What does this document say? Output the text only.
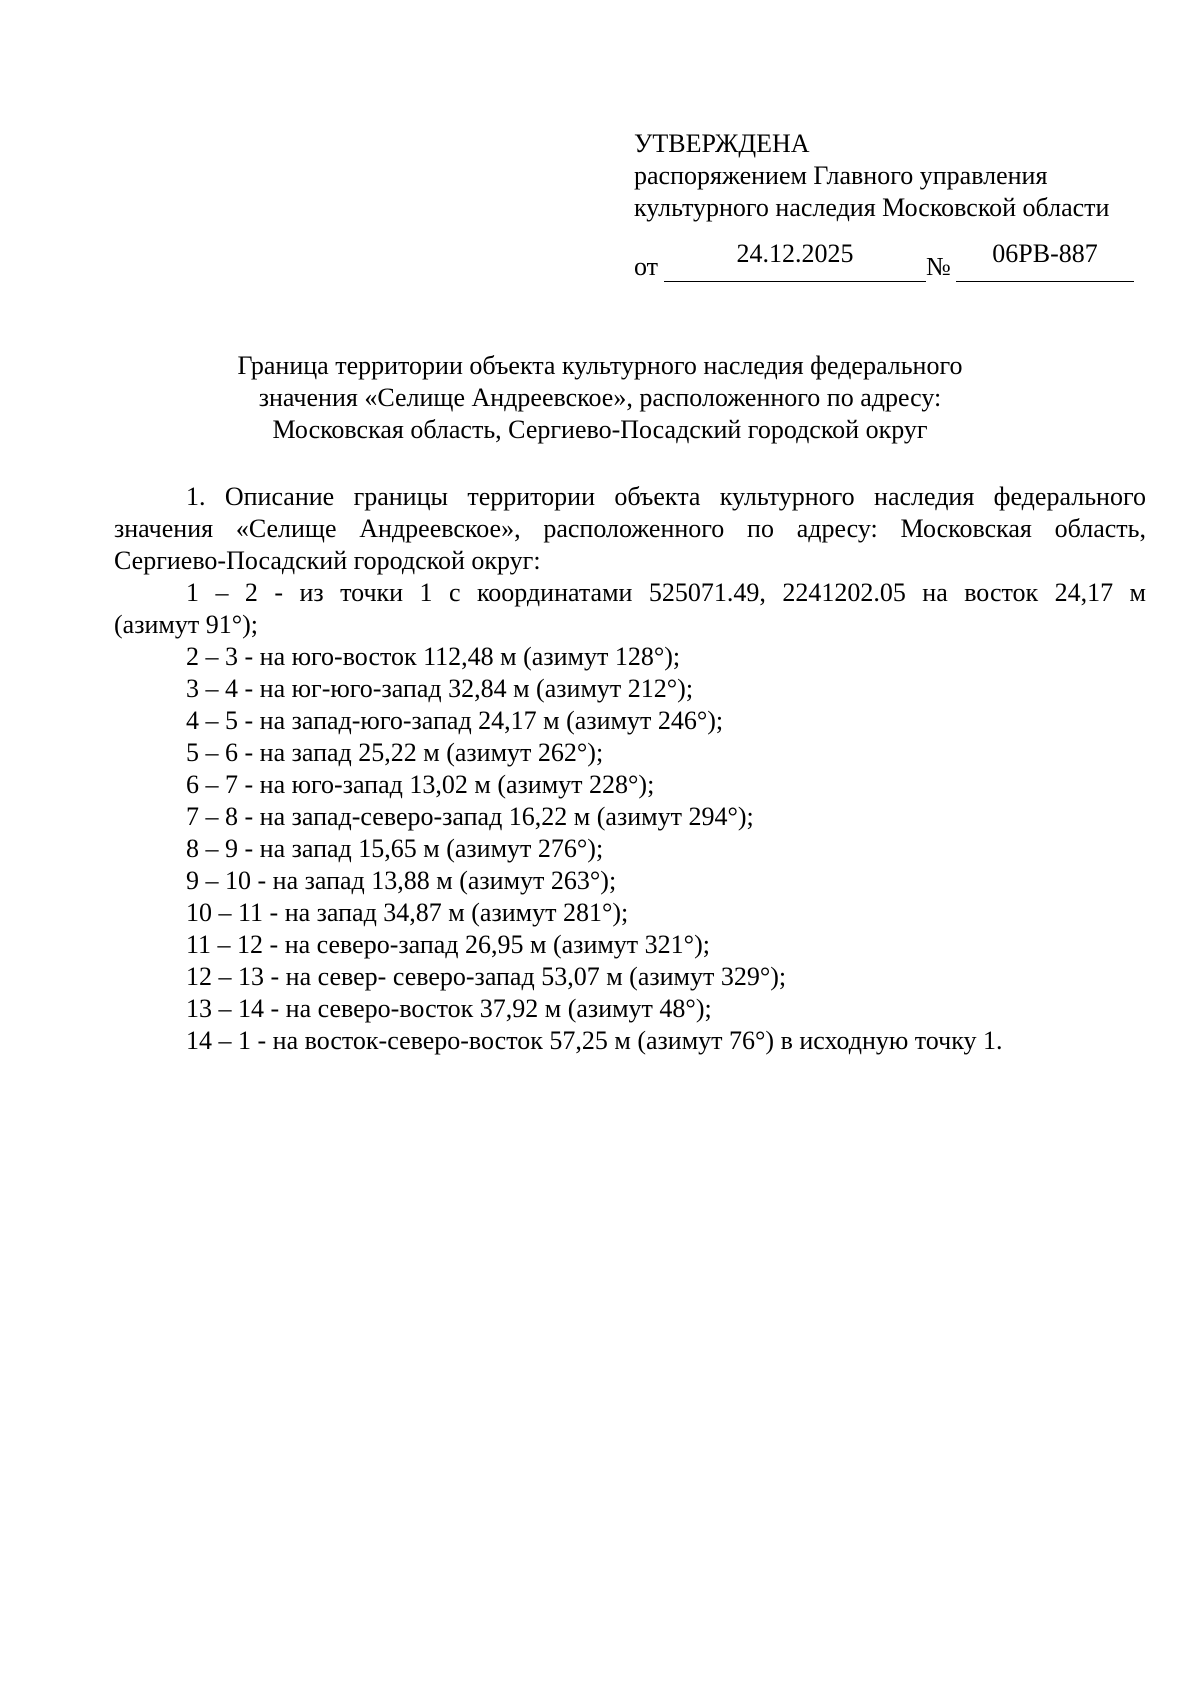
УТВЕРЖДЕНА
распоряжением Главного управления
культурного наследия Московской области
от	24.12.2025	№	06РВ-887
Граница территории объекта культурного наследия федерального
значения «Селище Андреевское», расположенного по адресу:
Московская область, Сергиево-Посадский городской округ

1. Описание границы территории объекта культурного наследия федерального значения «Селище Андреевское», расположенного по адресу: Московская область, Сергиево-Посадский городской округ:

1 – 2 - из точки 1 с координатами 525071.49, 2241202.05 на восток 24,17 м

(азимут 91°);
2 – 3 - на юго-восток 112,48 м (азимут 128°);
3 – 4 - на юг-юго-запад 32,84 м (азимут 212°);
4 – 5 - на запад-юго-запад 24,17 м (азимут 246°);
5 – 6 - на запад 25,22 м (азимут 262°);
6 – 7 - на юго-запад 13,02 м (азимут 228°);
7 – 8 - на запад-северо-запад 16,22 м (азимут 294°);
8 – 9 - на запад 15,65 м (азимут 276°);
9 – 10 - на запад 13,88 м (азимут 263°);
10 – 11 - на запад 34,87 м (азимут 281°);
11 – 12 - на северо-запад 26,95 м (азимут 321°);
12 – 13 - на север- северо-запад 53,07 м (азимут 329°);
13 – 14 - на северо-восток 37,92 м (азимут 48°);
14 – 1 - на восток-северо-восток 57,25 м (азимут 76°) в исходную точку 1.
